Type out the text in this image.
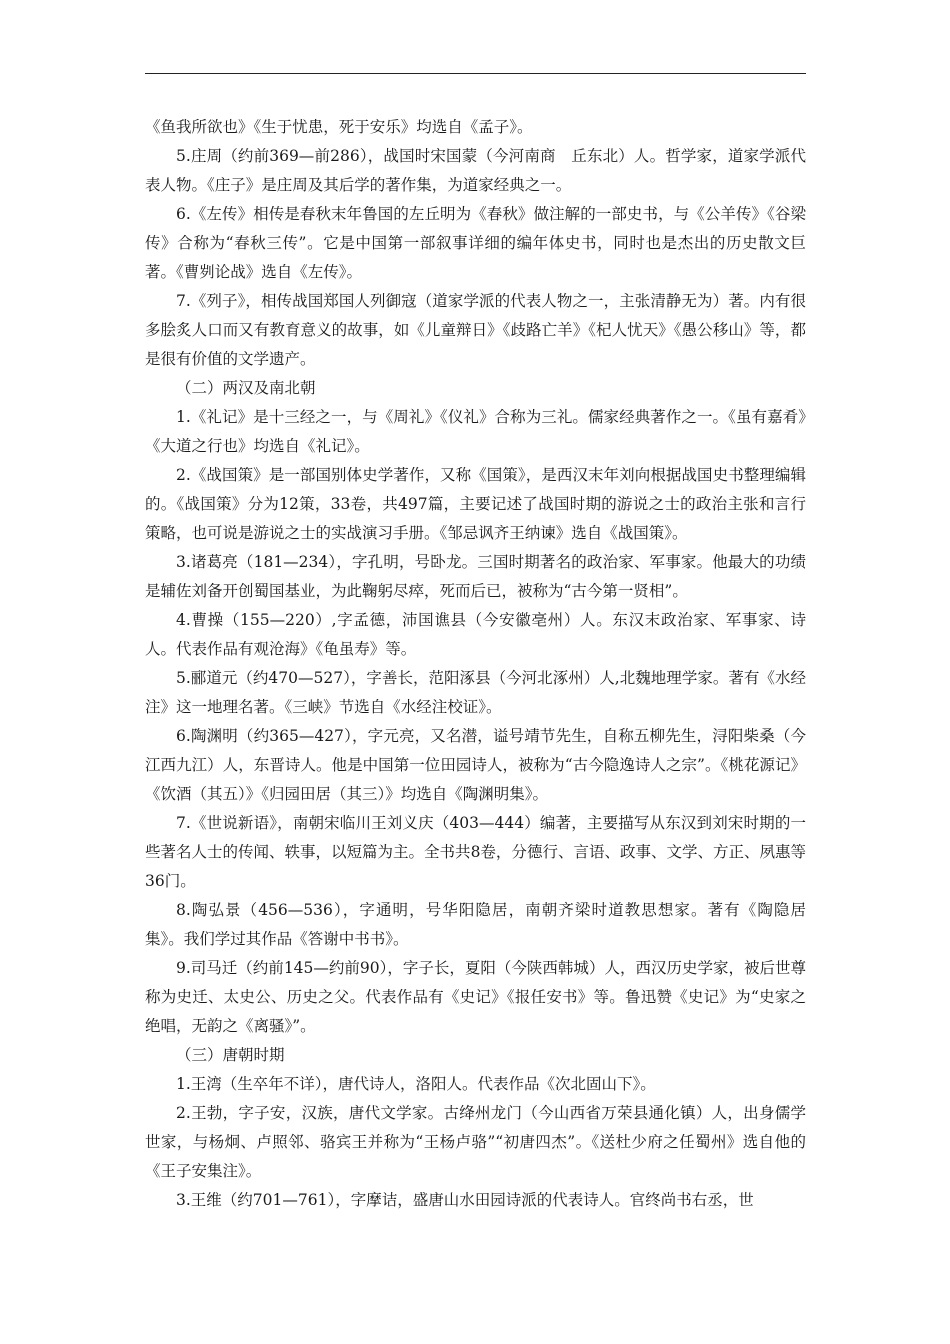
《鱼我所欲也》《生于忧患，死于安乐》均选自《孟子》。

5.庄周（约前369—前286），战国时宋国蒙（今河南商　丘东北）人。哲学家，道家学派代表人物。《庄子》是庄周及其后学的著作集，为道家经典之一。

6.《左传》相传是春秋末年鲁国的左丘明为《春秋》做注解的一部史书，与《公羊传》《谷梁传》合称为“春秋三传”。它是中国第一部叙事详细的编年体史书，同时也是杰出的历史散文巨著。《曹刿论战》选自《左传》。

7.《列子》，相传战国郑国人列御寇（道家学派的代表人物之一，主张清静无为）著。内有很多脍炙人口而又有教育意义的故事，如《儿童辩日》《歧路亡羊》《杞人忧天》《愚公移山》等，都是很有价值的文学遗产。

（二）两汉及南北朝

1.《礼记》是十三经之一，与《周礼》《仪礼》合称为三礼。儒家经典著作之一。《虽有嘉肴》《大道之行也》均选自《礼记》。

2.《战国策》是一部国别体史学著作，又称《国策》，是西汉末年刘向根据战国史书整理编辑的。《战国策》分为12策，33卷，共497篇，主要记述了战国时期的游说之士的政治主张和言行策略，也可说是游说之士的实战演习手册。《邹忌讽齐王纳谏》选自《战国策》。

3.诸葛亮（181—234），字孔明，号卧龙。三国时期著名的政治家、军事家。他最大的功绩是辅佐刘备开创蜀国基业，为此鞠躬尽瘁，死而后已，被称为“古今第一贤相”。

4.曹操（155—220）,字孟德，沛国谯县（今安徽亳州）人。东汉末政治家、军事家、诗人。代表作品有观沧海》《龟虽寿》等。

5.郦道元（约470—527），字善长，范阳涿县（今河北涿州）人,北魏地理学家。著有《水经注》这一地理名著。《三峡》节选自《水经注校证》。

6.陶渊明（约365—427），字元亮，又名潜，谥号靖节先生，自称五柳先生，浔阳柴桑（今江西九江）人，东晋诗人。他是中国第一位田园诗人，被称为“古今隐逸诗人之宗”。《桃花源记》《饮酒（其五）》《归园田居（其三）》均选自《陶渊明集》。

7.《世说新语》，南朝宋临川王刘义庆（403—444）编著，主要描写从东汉到刘宋时期的一些著名人士的传闻、轶事，以短篇为主。全书共8卷，分德行、言语、政事、文学、方正、夙惠等36门。

8.陶弘景（456—536），字通明，号华阳隐居，南朝齐梁时道教思想家。著有《陶隐居集》。我们学过其作品《答谢中书书》。

9.司马迁（约前145—约前90），字子长，夏阳（今陕西韩城）人，西汉历史学家，被后世尊称为史迁、太史公、历史之父。代表作品有《史记》《报任安书》等。鲁迅赞《史记》为“史家之绝唱，无韵之《离骚》”。

（三）唐朝时期

1.王湾（生卒年不详），唐代诗人，洛阳人。代表作品《次北固山下》。

2.王勃，字子安，汉族，唐代文学家。古绛州龙门（今山西省万荣县通化镇）人，出身儒学世家，与杨炯、卢照邻、骆宾王并称为“王杨卢骆”“初唐四杰”。《送杜少府之任蜀州》选自他的《王子安集注》。

3.王维（约701—761），字摩诘，盛唐山水田园诗派的代表诗人。官终尚书右丞，世
